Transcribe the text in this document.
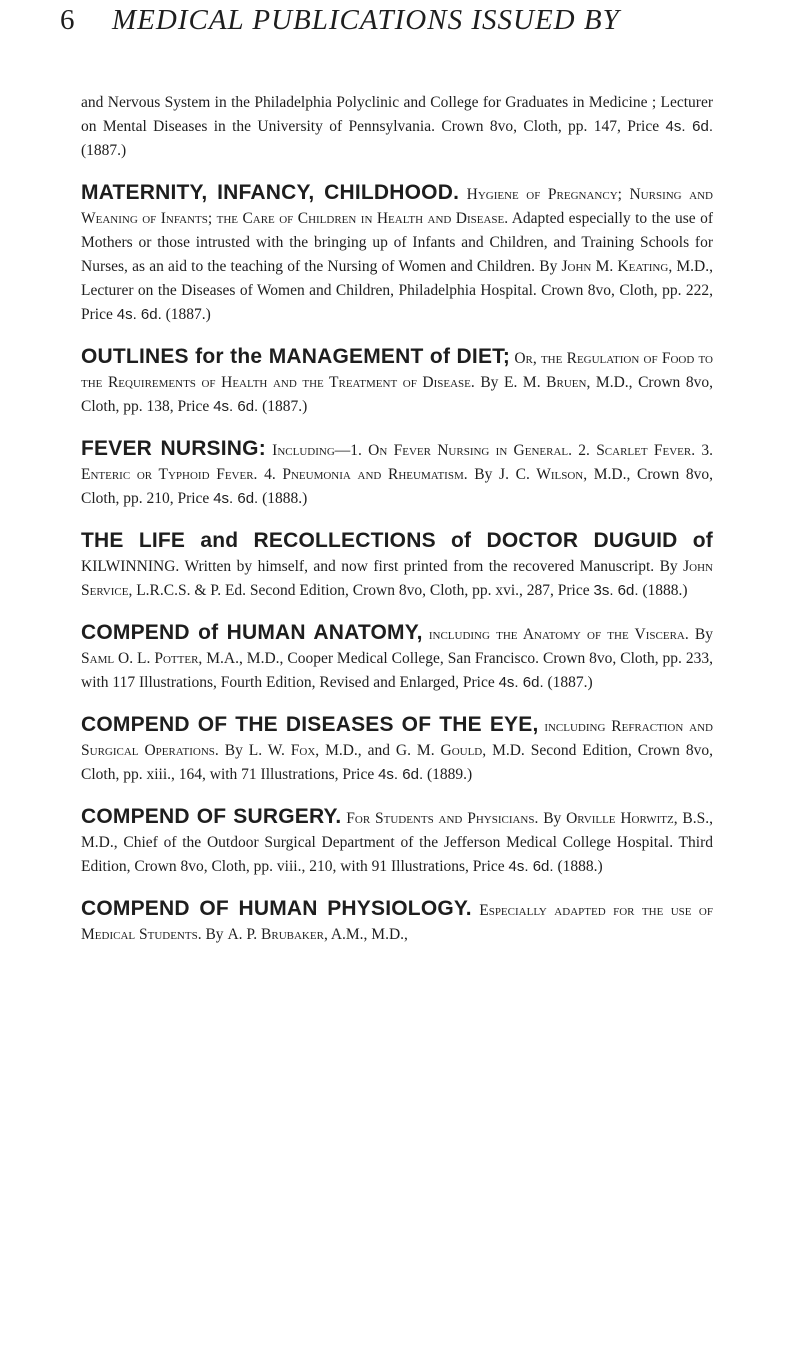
6 MEDICAL PUBLICATIONS ISSUED BY

and Nervous System in the Philadelphia Polyclinic and College for Graduates in Medicine ; Lecturer on Mental Diseases in the University of Pennsylvania. Crown 8vo, Cloth, pp. 147, Price 4s. 6d. (1887.)

MATERNITY, INFANCY, CHILDHOOD. Hygiene of Pregnancy; Nursing and Weaning of Infants; the Care of Children in Health and Disease. Adapted especially to the use of Mothers or those intrusted with the bringing up of Infants and Children, and Training Schools for Nurses, as an aid to the teaching of the Nursing of Women and Children. By John M. Keating, M.D., Lecturer on the Diseases of Women and Children, Philadelphia Hospital. Crown 8vo, Cloth, pp. 222, Price 4s. 6d. (1887.)

OUTLINES for the MANAGEMENT of DIET; Or, the Regulation of Food to the Requirements of Health and the Treatment of Disease. By E. M. Bruen, M.D., Crown 8vo, Cloth, pp. 138, Price 4s. 6d. (1887.)

FEVER NURSING: Including—1. On Fever Nursing in General. 2. Scarlet Fever. 3. Enteric or Typhoid Fever. 4. Pneumonia and Rheumatism. By J. C. Wilson, M.D., Crown 8vo, Cloth, pp. 210, Price 4s. 6d. (1888.)

THE LIFE and RECOLLECTIONS of DOCTOR DUGUID of KILWINNING. Written by himself, and now first printed from the recovered Manuscript. By John Service, L.R.C.S. & P. Ed. Second Edition, Crown 8vo, Cloth, pp. xvi., 287, Price 3s. 6d. (1888.)

COMPEND of HUMAN ANATOMY, including the Anatomy of the Viscera. By Saml O. L. Potter, M.A., M.D., Cooper Medical College, San Francisco. Crown 8vo, Cloth, pp. 233, with 117 Illustrations, Fourth Edition, Revised and Enlarged, Price 4s. 6d. (1887.)

COMPEND OF THE DISEASES OF THE EYE, including Refraction and Surgical Operations. By L. W. Fox, M.D., and G. M. Gould, M.D. Second Edition, Crown 8vo, Cloth, pp. xiii., 164, with 71 Illustrations, Price 4s. 6d. (1889.)

COMPEND OF SURGERY. For Students and Physicians. By Orville Horwitz, B.S., M.D., Chief of the Outdoor Surgical Department of the Jefferson Medical College Hospital. Third Edition, Crown 8vo, Cloth, pp. viii., 210, with 91 Illustrations, Price 4s. 6d. (1888.)

COMPEND OF HUMAN PHYSIOLOGY. Especially adapted for the use of Medical Students. By A. P. Brubaker, A.M., M.D.,
